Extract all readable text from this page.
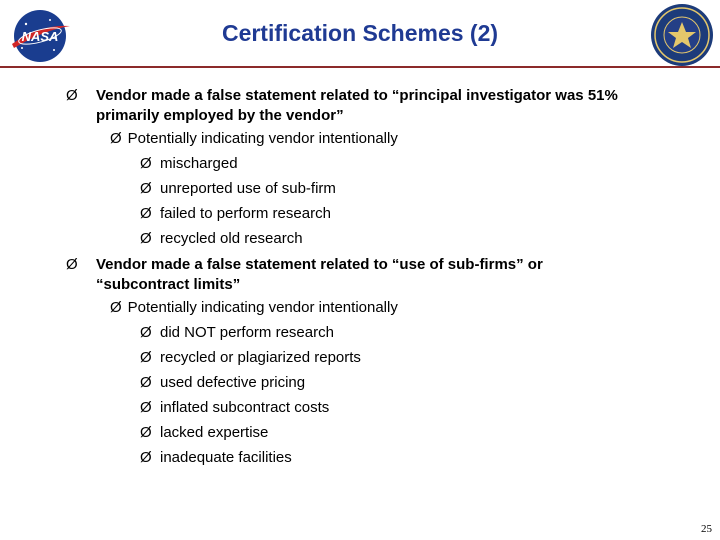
NASA	Certification Schemes (2)
Ø Vendor made a false statement related to “principal investigator was 51% primarily employed by the vendor”
Ø Potentially indicating vendor intentionally
Ø mischarged
Ø unreported use of sub-firm
Ø failed to perform research
Ø recycled old research
Ø Vendor made a false statement related to “use of sub-firms” or “subcontract limits”
Ø Potentially indicating vendor intentionally
Ø did NOT perform research
Ø recycled or plagiarized reports
Ø used defective pricing
Ø inflated subcontract costs
Ø lacked expertise
Ø inadequate facilities
25
